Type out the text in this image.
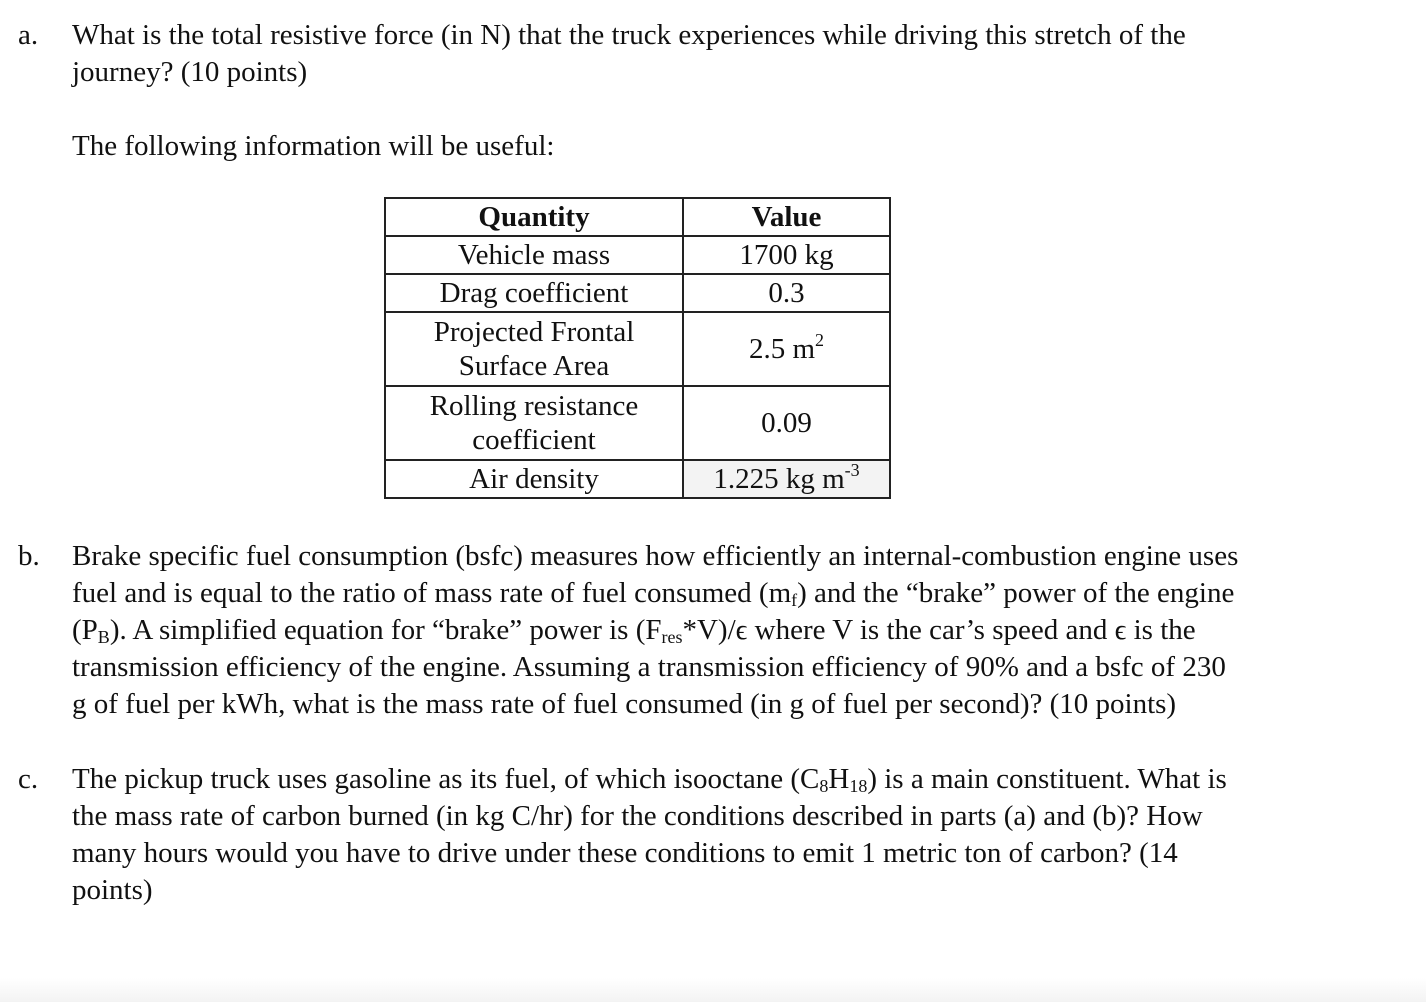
a. What is the total resistive force (in N) that the truck experiences while driving this stretch of the
journey? (10 points)
The following information will be useful:
Quantity	Value
Vehicle mass	1700 kg
Drag coefficient	0.3

Projected Frontal
Surface Area	2.5 $m^2$

Rolling resistance
coefficient	0.09
Air density	1.225 kg $m^{-3}$
b. Brake specific fuel consumption (bsfc) measures how efficiently an internal-combustion engine uses
fuel and is equal to the ratio of mass rate of fuel consumed $(m_f)$ and the “brake” power of the engine
$(P_B)$. A simplified equation for “brake” power is $(F_{res}*V)/\epsilon$ where V is the car’s speed and ϵ is the
transmission efficiency of the engine. Assuming a transmission efficiency of 90% and a bsfc of 230
g of fuel per kWh, what is the mass rate of fuel consumed (in g of fuel per second)? (10 points)
c. The pickup truck uses gasoline as its fuel, of which isooctane $(C_8H_{18})$ is a main constituent. What is
the mass rate of carbon burned (in kg C/hr) for the conditions described in parts (a) and (b)? How
many hours would you have to drive under these conditions to emit 1 metric ton of carbon? (14
points)
